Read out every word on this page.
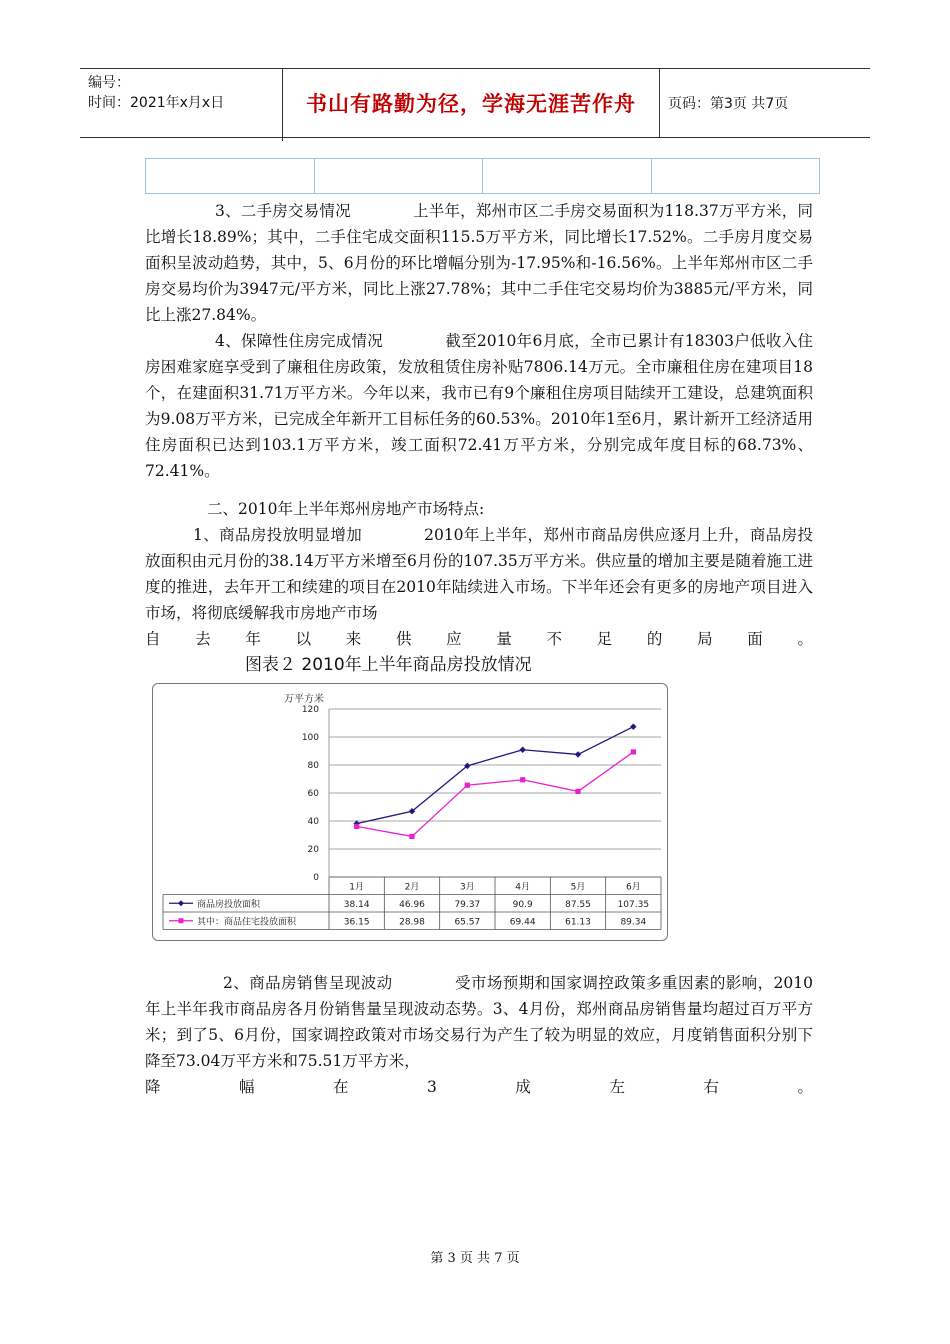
编号：
时间：2021年x月x日	书山有路勤为径，学海无涯苦作舟	页码：第3页 共7页
3、二手房交易情况	上半年，郑州市区二手房交易面积为118.37万平方米，同比增长18.89%；其中，二手住宅成交面积115.5万平方米，同比增长17.52%。二手房月度交易面积呈波动趋势，其中，5、6月份的环比增幅分别为-17.95%和-16.56%。上半年郑州市区二手房交易均价为3947元/平方米，同比上涨27.78%；其中二手住宅交易均价为3885元/平方米，同比上涨27.84%。
4、保障性住房完成情况	截至2010年6月底，全市已累计有18303户低收入住房困难家庭享受到了廉租住房政策，发放租赁住房补贴7806.14万元。全市廉租住房在建项目18个，在建面积31.71万平方米。今年以来，我市已有9个廉租住房项目陆续开工建设，总建筑面积为9.08万平方米，已完成全年新开工目标任务的60.53%。2010年1至6月，累计新开工经济适用住房面积已达到103.1万平方米，竣工面积72.41万平方米，分别完成年度目标的68.73%、72.41%。
二、2010年上半年郑州房地产市场特点:
1、商品房投放明显增加	2010年上半年，郑州市商品房供应逐月上升，商品房投放面积由元月份的38.14万平方米增至6月份的107.35万平方米。供应量的增加主要是随着施工进度的推进，去年开工和续建的项目在2010年陆续进入市场。下半年还会有更多的房地产项目进入市场，将彻底缓解我市房地产市场
自去年以来供应量不足的局面。
图表２ 2010年上半年商品房投放情况
万平方米
0
20
40
60
80
100
120
1月	2月	3月	4月	5月	6月
商品房投放面积	38.14	46.96	79.37	90.9	87.55	107.35
其中：商品住宅投放面积	36.15	28.98	65.57	69.44	61.13	89.34
2、商品房销售呈现波动	受市场预期和国家调控政策多重因素的影响，2010年上半年我市商品房各月份销售量呈现波动态势。3、4月份，郑州商品房销售量均超过百万平方米；到了5、6月份，国家调控政策对市场交易行为产生了较为明显的效应，月度销售面积分别下降至73.04万平方米和75.51万平方米，
降幅在3成左右。
第 3 页 共 7 页
